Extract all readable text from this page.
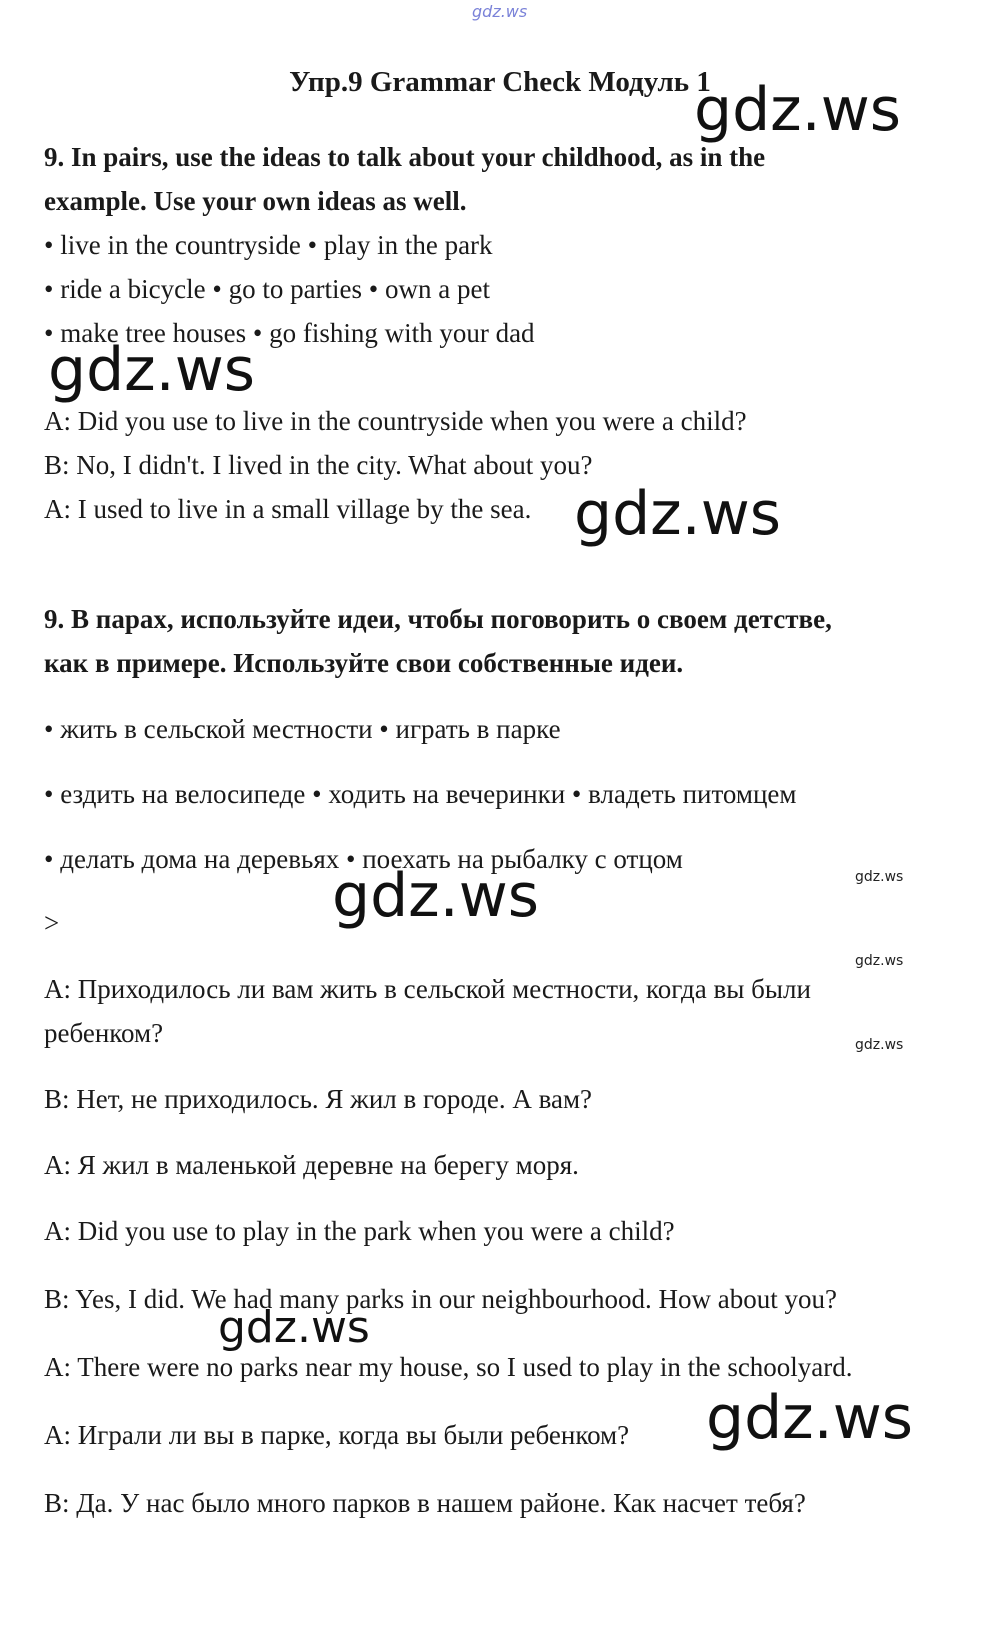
gdz.ws
Упр.9 Grammar Check Модуль 1
9. In pairs, use the ideas to talk about your childhood, as in the
example. Use your own ideas as well.
• live in the countryside • play in the park
• ride a bicycle • go to parties • own a pet
• make tree houses • go fishing with your dad
A: Did you use to live in the countryside when you were a child?
B: No, I didn't. I lived in the city. What about you?
A: I used to live in a small village by the sea.
9. В парах, используйте идеи, чтобы поговорить о своем детстве,
как в примере. Используйте свои собственные идеи.
• жить в сельской местности • играть в парке
• ездить на велосипеде • ходить на вечеринки • владеть питомцем
• делать дома на деревьях • поехать на рыбалку с отцом
>
A: Приходилось ли вам жить в сельской местности, когда вы были
ребенком?
B: Нет, не приходилось. Я жил в городе. А вам?
A: Я жил в маленькой деревне на берегу моря.
A: Did you use to play in the park when you were a child?
B: Yes, I did. We had many parks in our neighbourhood. How about you?
A: There were no parks near my house, so I used to play in the schoolyard.
A: Играли ли вы в парке, когда вы были ребенком?
B: Да. У нас было много парков в нашем районе. Как насчет тебя?
gdz.ws
gdz.ws
gdz.ws
gdz.ws	gdz.ws
gdz.ws
gdz.ws
gdz.ws
gdz.ws
